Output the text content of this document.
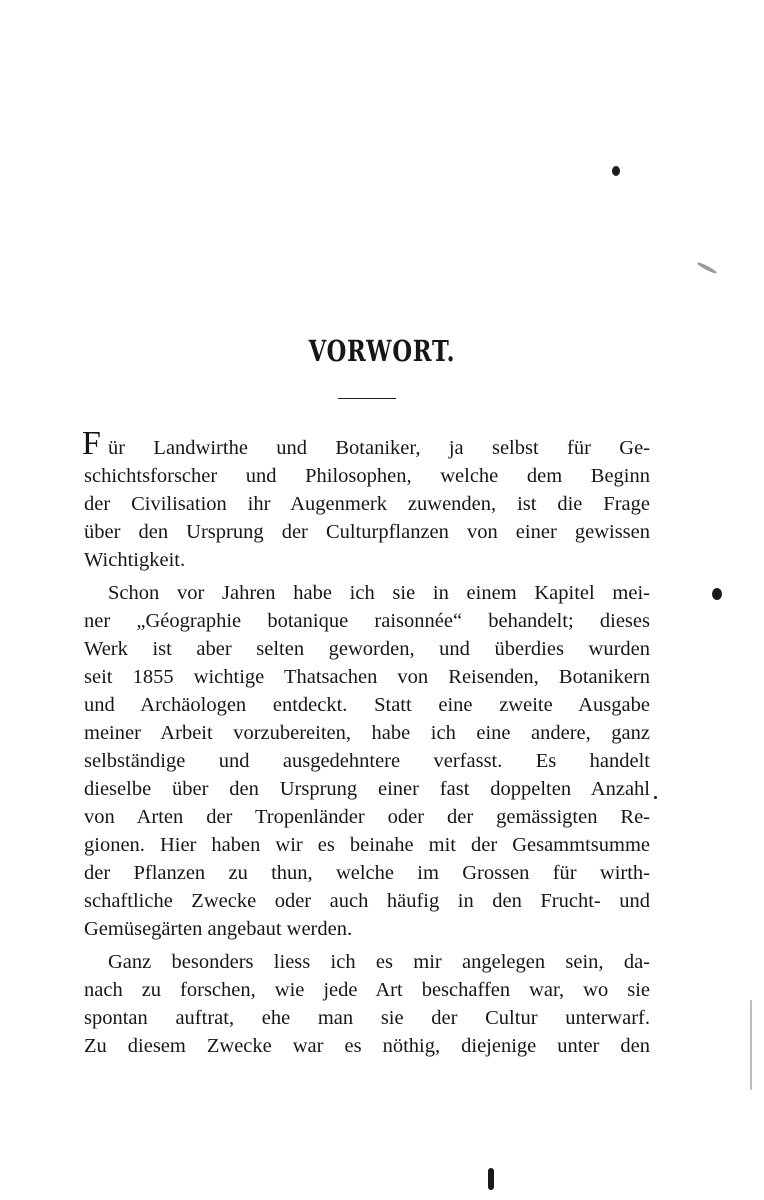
VORWORT.
F ür Landwirthe und Botaniker, ja selbst für Ge-
schichtsforscher und Philosophen, welche dem Beginn
der Civilisation ihr Augenmerk zuwenden, ist die Frage
über den Ursprung der Culturpflanzen von einer gewissen
Wichtigkeit.
Schon vor Jahren habe ich sie in einem Kapitel mei-
ner „Géographie botanique raisonnée“ behandelt; dieses
Werk ist aber selten geworden, und überdies wurden
seit 1855 wichtige Thatsachen von Reisenden, Botanikern
und Archäologen entdeckt. Statt eine zweite Ausgabe
meiner Arbeit vorzubereiten, habe ich eine andere, ganz
selbständige und ausgedehntere verfasst. Es handelt
dieselbe über den Ursprung einer fast doppelten Anzahl
von Arten der Tropenländer oder der gemässigten Re-
gionen. Hier haben wir es beinahe mit der Gesammtsumme
der Pflanzen zu thun, welche im Grossen für wirth-
schaftliche Zwecke oder auch häufig in den Frucht- und
Gemüsegärten angebaut werden.
Ganz besonders liess ich es mir angelegen sein, da-
nach zu forschen, wie jede Art beschaffen war, wo sie
spontan auftrat, ehe man sie der Cultur unterwarf.
Zu diesem Zwecke war es nöthig, diejenige unter den
